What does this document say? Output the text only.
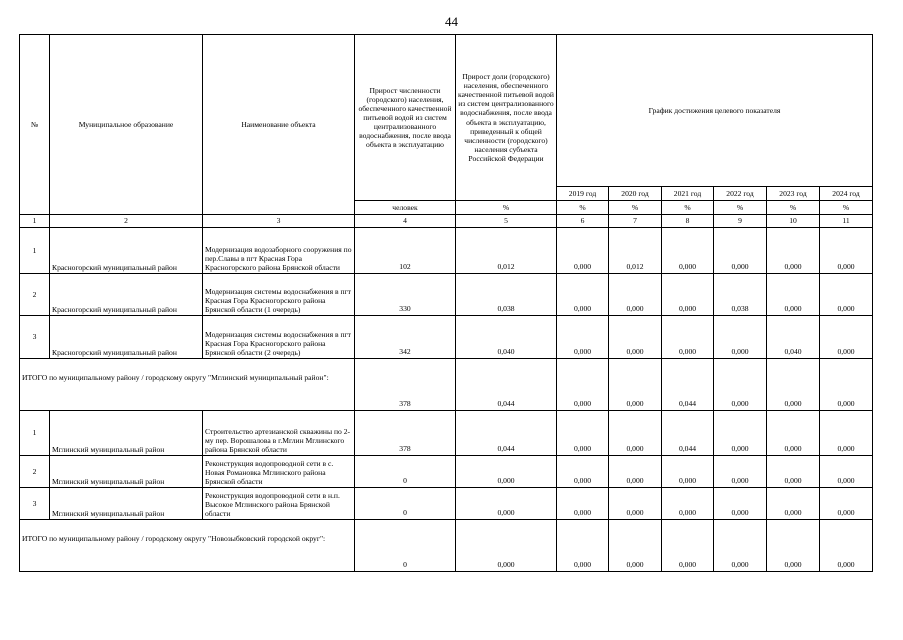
44
№	Муниципальное образование	Наименование объекта	Прирост численности (городского) населения, обеспеченного качественной питьевой водой из систем централизованного водоснабжения, после ввода объекта в эксплуатацию	Прирост доли (городского) населения, обеспеченного качественной питьевой водой из систем централизованного водоснабжения, после ввода объекта в эксплуатацию, приведенный к общей численности (городского) населения субъекта Российской Федерации	График достижения целевого показателя					
					2019 год	2020 год	2021 год	2022 год	2023 год	2024 год
			человек	%	%	%	%	%	%	%
1	2	3	4	5	6	7	8	9	10	11
1	Красногорский муниципальный район	Модернизация водозаборного сооружения по пер.Славы в пгт Красная Гора Красногорского района Брянской области	102	0,012	0,000	0,012	0,000	0,000	0,000	0,000
2	Красногорский муниципальный район	Модернизация системы водоснабжения в пгт Красная Гора Красногорского района Брянской области (1 очередь)	330	0,038	0,000	0,000	0,000	0,038	0,000	0,000
3	Красногорский муниципальный район	Модернизация системы водоснабжения в пгт Красная Гора Красногорского района Брянской области (2 очередь)	342	0,040	0,000	0,000	0,000	0,000	0,040	0,000
ИТОГО по муниципальному району / городскому округу "Мглинский муниципальный район":			378	0,044	0,000	0,000	0,044	0,000	0,000	0,000
1	Мглинский муниципальный район	Строительство артезианской скважины по 2-му пер. Ворошалова в г.Мглин Мглинского района Брянской области	378	0,044	0,000	0,000	0,044	0,000	0,000	0,000
2	Мглинский муниципальный район	Реконструкция водопроводной сети в с. Новая Романовка Мглинского района Брянской области	0	0,000	0,000	0,000	0,000	0,000	0,000	0,000
3	Мглинский муниципальный район	Реконструкция водопроводной сети в н.п. Высокое Мглинского района Брянской области	0	0,000	0,000	0,000	0,000	0,000	0,000	0,000
ИТОГО по муниципальному району / городскому округу "Новозыбковский городской округ":			0	0,000	0,000	0,000	0,000	0,000	0,000	0,000
